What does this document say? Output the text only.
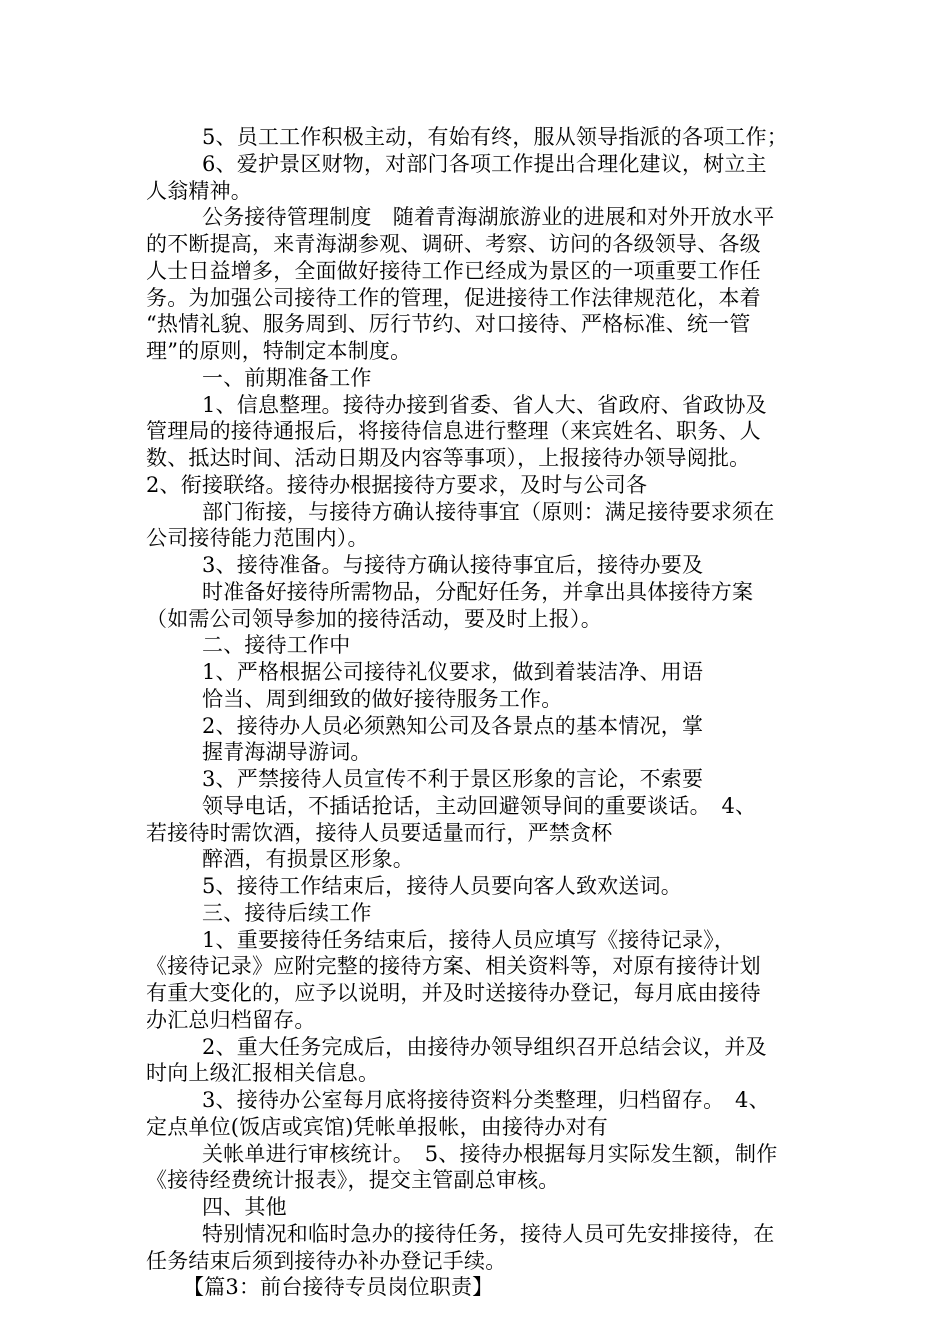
5、员工工作积极主动，有始有终，服从领导指派的各项工作；
6、爱护景区财物，对部门各项工作提出合理化建议，树立主
人翁精神。
公务接待管理制度　随着青海湖旅游业的进展和对外开放水平
的不断提高，来青海湖参观、调研、考察、访问的各级领导、各级
人士日益增多，全面做好接待工作已经成为景区的一项重要工作任
务。为加强公司接待工作的管理，促进接待工作法律规范化，本着
“热情礼貌、服务周到、厉行节约、对口接待、严格标准、统一管
理”的原则，特制定本制度。
一、前期准备工作
1、信息整理。接待办接到省委、省人大、省政府、省政协及
管理局的接待通报后，将接待信息进行整理（来宾姓名、职务、人
数、抵达时间、活动日期及内容等事项），上报接待办领导阅批。
2、衔接联络。接待办根据接待方要求，及时与公司各
部门衔接，与接待方确认接待事宜（原则：满足接待要求须在
公司接待能力范围内）。
3、接待准备。与接待方确认接待事宜后，接待办要及
时准备好接待所需物品，分配好任务，并拿出具体接待方案
（如需公司领导参加的接待活动，要及时上报）。
二、接待工作中
1、严格根据公司接待礼仪要求，做到着装洁净、用语
恰当、周到细致的做好接待服务工作。
2、接待办人员必须熟知公司及各景点的基本情况，掌
握青海湖导游词。
3、严禁接待人员宣传不利于景区形象的言论，不索要
领导电话，不插话抢话，主动回避领导间的重要谈话。　4、
若接待时需饮酒，接待人员要适量而行，严禁贪杯
醉酒，有损景区形象。
5、接待工作结束后，接待人员要向客人致欢送词。
三、接待后续工作
1、重要接待任务结束后，接待人员应填写《接待记录》，
《接待记录》应附完整的接待方案、相关资料等，对原有接待计划
有重大变化的，应予以说明，并及时送接待办登记，每月底由接待
办汇总归档留存。
2、重大任务完成后，由接待办领导组织召开总结会议，并及
时向上级汇报相关信息。
3、接待办公室每月底将接待资料分类整理，归档留存。　4、
定点单位(饭店或宾馆)凭帐单报帐，由接待办对有
关帐单进行审核统计。　5、接待办根据每月实际发生额，制作
《接待经费统计报表》，提交主管副总审核。
四、其他
特别情况和临时急办的接待任务，接待人员可先安排接待，在
任务结束后须到接待办补办登记手续。
【篇3：前台接待专员岗位职责】
